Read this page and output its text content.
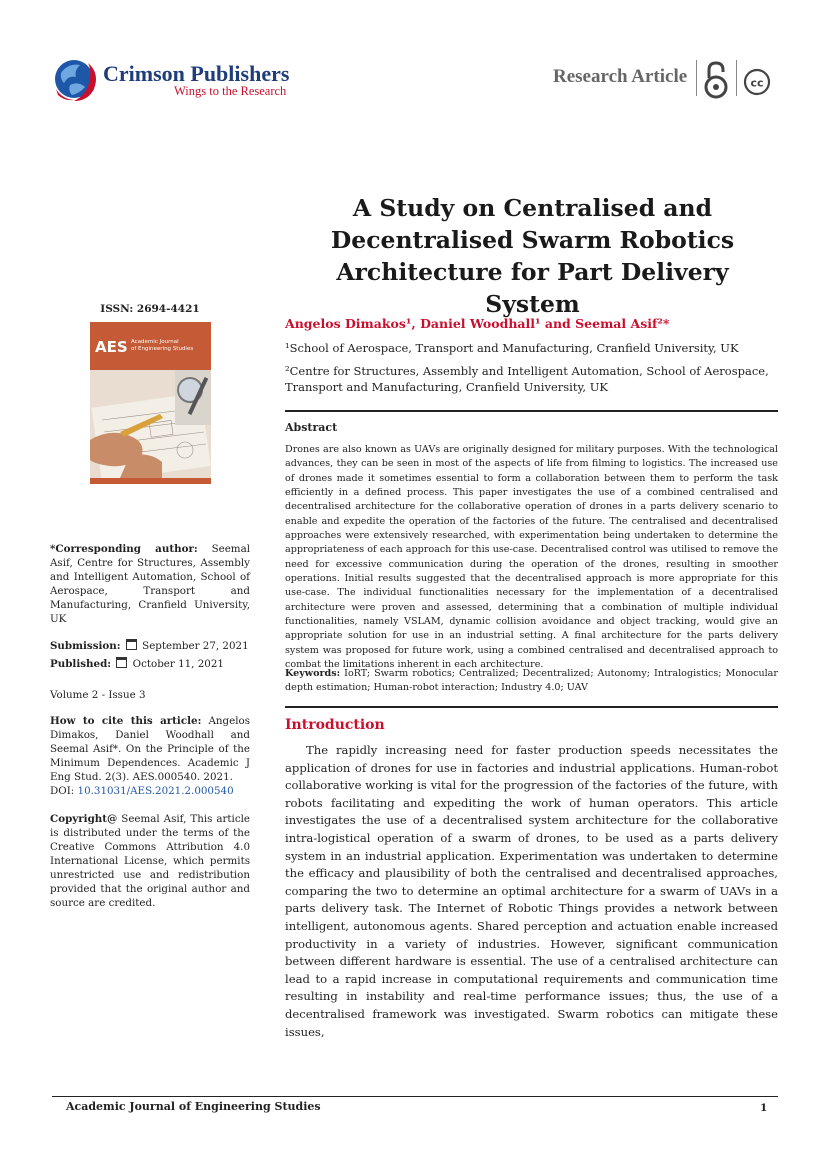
Crimson Publishers
Wings to the Research
Research Article	cc
A Study on Centralised and Decentralised Swarm Robotics Architecture for Part Delivery System
ISSN: 2694-4421
AES Academic Journal
of Engineering Studies
*Corresponding author: Seemal Asif, Centre for Structures, Assembly and Intelligent Automation, School of Aerospace, Transport and Manufacturing, Cranfield University, UK
Submission: September 27, 2021
Published: October 11, 2021
Volume 2 - Issue 3
How to cite this article: Angelos Dimakos, Daniel Woodhall and Seemal Asif*. On the Principle of the Minimum Dependences. Academic J Eng Stud. 2(3). AES.000540. 2021.
DOI: 10.31031/AES.2021.2.000540
Copyright@ Seemal Asif, This article is distributed under the terms of the Creative Commons Attribution 4.0 International License, which permits unrestricted use and redistribution provided that the original author and source are credited.
Angelos Dimakos¹, Daniel Woodhall¹ and Seemal Asif²*
¹School of Aerospace, Transport and Manufacturing, Cranfield University, UK
²Centre for Structures, Assembly and Intelligent Automation, School of Aerospace, Transport and Manufacturing, Cranfield University, UK
Abstract
Drones are also known as UAVs are originally designed for military purposes. With the technological advances, they can be seen in most of the aspects of life from filming to logistics. The increased use of drones made it sometimes essential to form a collaboration between them to perform the task efficiently in a defined process. This paper investigates the use of a combined centralised and decentralised architecture for the collaborative operation of drones in a parts delivery scenario to enable and expedite the operation of the factories of the future. The centralised and decentralised approaches were extensively researched, with experimentation being undertaken to determine the appropriateness of each approach for this use-case. Decentralised control was utilised to remove the need for excessive communication during the operation of the drones, resulting in smoother operations. Initial results suggested that the decentralised approach is more appropriate for this use-case. The individual functionalities necessary for the implementation of a decentralised architecture were proven and assessed, determining that a combination of multiple individual functionalities, namely VSLAM, dynamic collision avoidance and object tracking, would give an appropriate solution for use in an industrial setting. A final architecture for the parts delivery system was proposed for future work, using a combined centralised and decentralised approach to combat the limitations inherent in each architecture.
Keywords: IoRT; Swarm robotics; Centralized; Decentralized; Autonomy; Intralogistics; Monocular depth estimation; Human-robot interaction; Industry 4.0; UAV
Introduction
The rapidly increasing need for faster production speeds necessitates the application of drones for use in factories and industrial applications. Human-robot collaborative working is vital for the progression of the factories of the future, with robots facilitating and expediting the work of human operators. This article investigates the use of a decentralised system architecture for the collaborative intra-logistical operation of a swarm of drones, to be used as a parts delivery system in an industrial application. Experimentation was undertaken to determine the efficacy and plausibility of both the centralised and decentralised approaches, comparing the two to determine an optimal architecture for a swarm of UAVs in a parts delivery task. The Internet of Robotic Things provides a network between intelligent, autonomous agents. Shared perception and actuation enable increased productivity in a variety of industries. However, significant communication between different hardware is essential. The use of a centralised architecture can lead to a rapid increase in computational requirements and communication time resulting in instability and real-time performance issues; thus, the use of a decentralised framework was investigated. Swarm robotics can mitigate these issues,
Academic Journal of Engineering Studies	1
